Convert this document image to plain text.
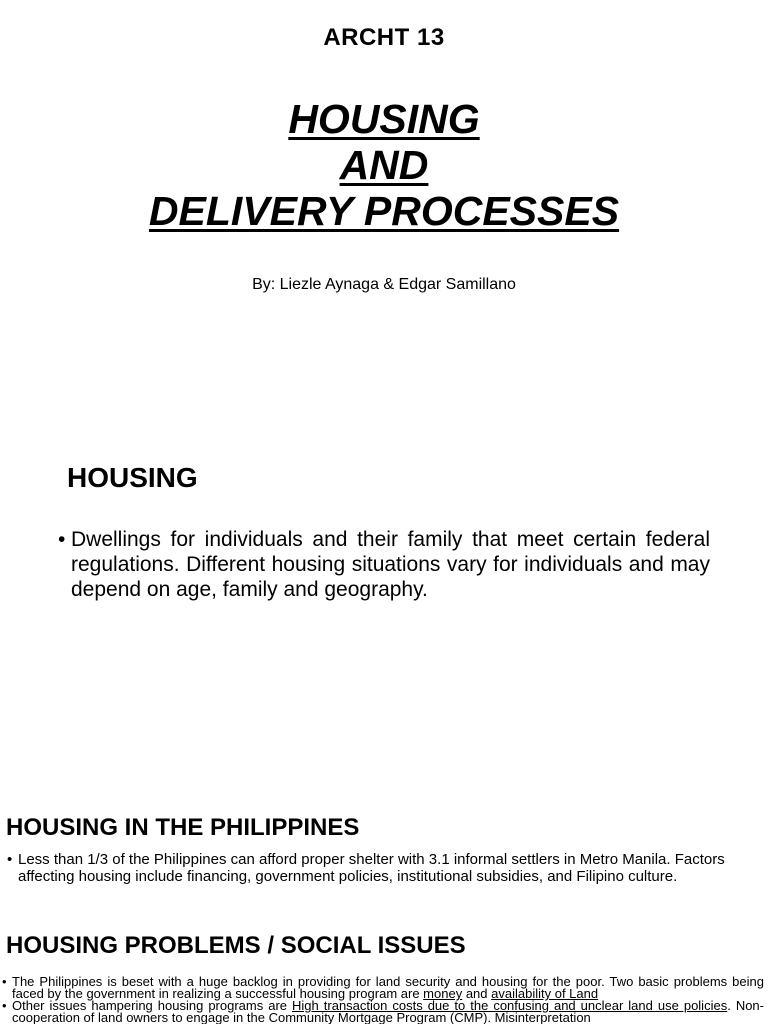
ARCHT 13
HOUSING
AND
DELIVERY PROCESSES
By: Liezle Aynaga & Edgar Samillano
HOUSING
• Dwellings for individuals and their family that meet certain federal regulations. Different housing situations vary for individuals and may depend on age, family and geography.
HOUSING IN THE PHILIPPINES
• Less than 1/3 of the Philippines can afford proper shelter with 3.1 informal settlers in Metro Manila. Factors affecting housing include financing, government policies, institutional subsidies, and Filipino culture.
HOUSING PROBLEMS / SOCIAL ISSUES
• The Philippines is beset with a huge backlog in providing for land security and housing for the poor. Two basic problems being faced by the government in realizing a successful housing program are money and availability of Land
• Other issues hampering housing programs are High transaction costs due to the confusing and unclear land use policies. Non-cooperation of land owners to engage in the Community Mortgage Program (CMP). Misinterpretation
